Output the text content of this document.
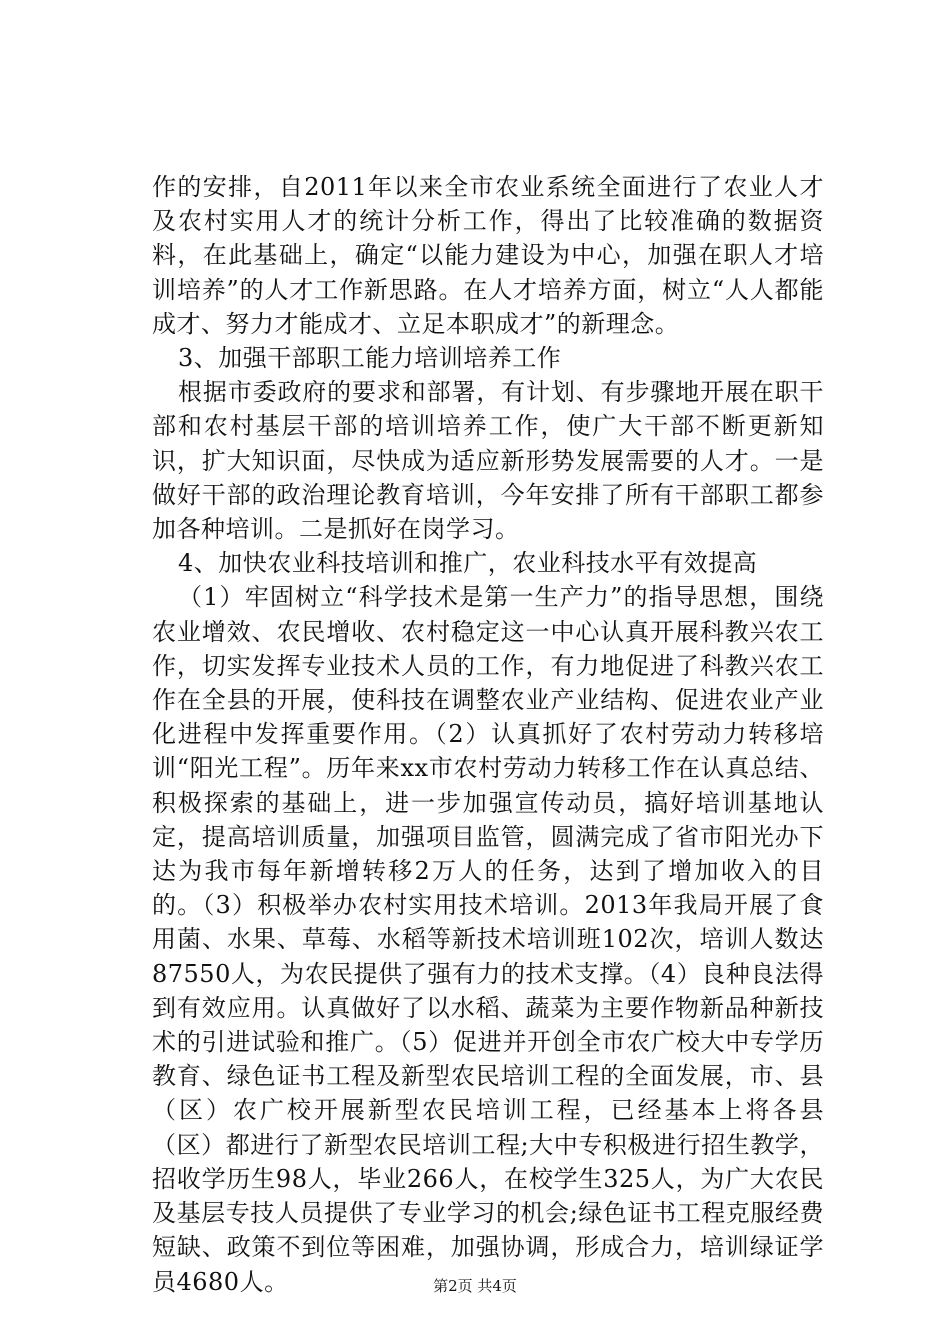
作的安排，自2011年以来全市农业系统全面进行了农业人才及农村实用人才的统计分析工作，得出了比较准确的数据资料，在此基础上，确定“以能力建设为中心，加强在职人才培训培养”的人才工作新思路。在人才培养方面，树立“人人都能成才、努力才能成才、立足本职成才”的新理念。

3、加强干部职工能力培训培养工作

根据市委政府的要求和部署，有计划、有步骤地开展在职干部和农村基层干部的培训培养工作，使广大干部不断更新知识，扩大知识面，尽快成为适应新形势发展需要的人才。一是做好干部的政治理论教育培训，今年安排了所有干部职工都参加各种培训。二是抓好在岗学习。

4、加快农业科技培训和推广，农业科技水平有效提高

（1）牢固树立“科学技术是第一生产力”的指导思想，围绕农业增效、农民增收、农村稳定这一中心认真开展科教兴农工作，切实发挥专业技术人员的工作，有力地促进了科教兴农工作在全县的开展，使科技在调整农业产业结构、促进农业产业化进程中发挥重要作用。（2）认真抓好了农村劳动力转移培训“阳光工程”。历年来xx市农村劳动力转移工作在认真总结、积极探索的基础上，进一步加强宣传动员，搞好培训基地认定，提高培训质量，加强项目监管，圆满完成了省市阳光办下达为我市每年新增转移2万人的任务，达到了增加收入的目的。（3）积极举办农村实用技术培训。2013年我局开展了食用菌、水果、草莓、水稻等新技术培训班102次，培训人数达87550人，为农民提供了强有力的技术支撑。（4）良种良法得到有效应用。认真做好了以水稻、蔬菜为主要作物新品种新技术的引进试验和推广。（5）促进并开创全市农广校大中专学历教育、绿色证书工程及新型农民培训工程的全面发展，市、县（区）农广校开展新型农民培训工程，已经基本上将各县（区）都进行了新型农民培训工程;大中专积极进行招生教学，招收学历生98人，毕业266人，在校学生325人，为广大农民及基层专技人员提供了专业学习的机会;绿色证书工程克服经费短缺、政策不到位等困难，加强协调，形成合力，培训绿证学员4680人。	第2页 共4页
